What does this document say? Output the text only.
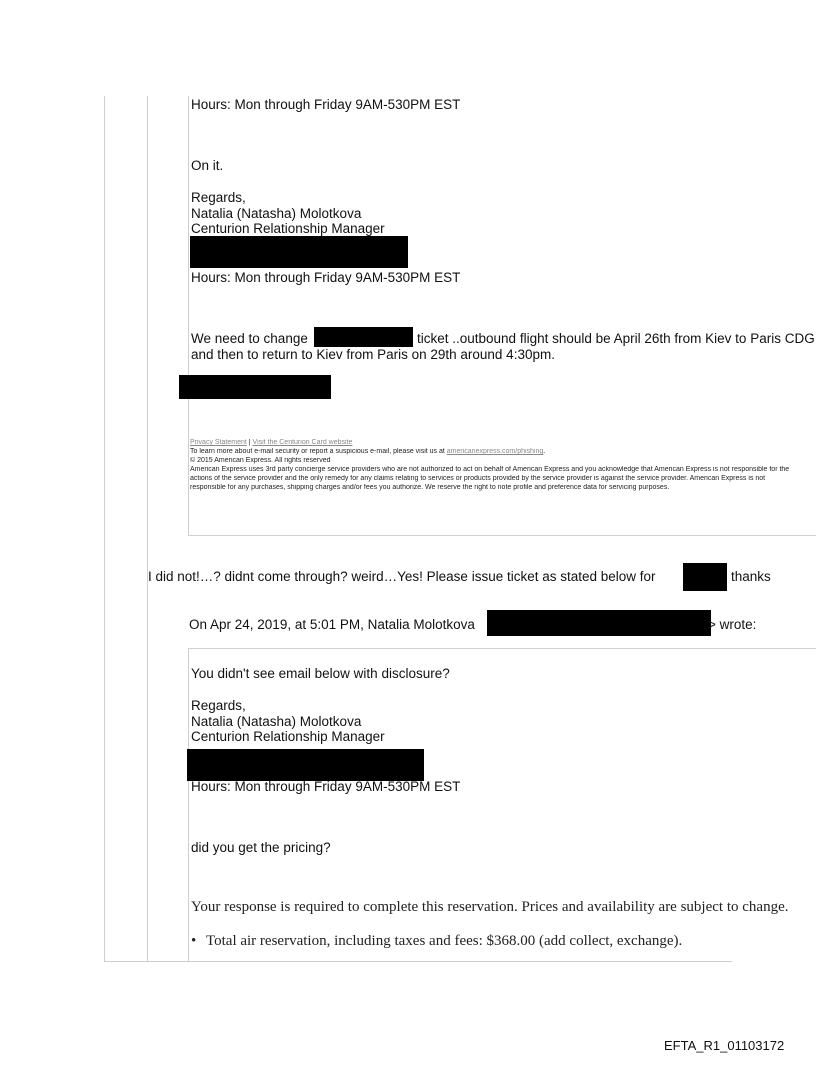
Hours: Mon through Friday 9AM-530PM EST
On it.
Regards,
Natalia (Natasha) Molotkova
Centurion Relationship Manager
Hours: Mon through Friday 9AM-530PM EST
We need to change	ticket ..outbound flight should be April 26th from Kiev to Paris CDG
and then to return to Kiev from Paris on 29th around 4:30pm.
Privacy Statement | Visit the Centurion Card website
To learn more about e-mail security or report a suspicious e-mail, please visit us at americanexpress.com/phishing.
© 2015 American Express. All rights reserved
American Express uses 3rd party concierge service providers who are not authorized to act on behalf of American Express and you acknowledge that American Express is not responsible for the
actions of the service provider and the only remedy for any claims relating to services or products provided by the service provider is against the service provider. American Express is not
responsible for any purchases, shipping charges and/or fees you authorize. We reserve the right to note profile and preference data for servicing purposes.
I did not!…? didnt come through? weird…Yes! Please issue ticket as stated below for	thanks
On Apr 24, 2019, at 5:01 PM, Natalia Molotkova	> wrote:
You didn't see email below with disclosure?
Regards,
Natalia (Natasha) Molotkova
Centurion Relationship Manager
Hours: Mon through Friday 9AM-530PM EST
did you get the pricing?
Your response is required to complete this reservation. Prices and availability are subject to change.
• Total air reservation, including taxes and fees: $368.00 (add collect, exchange).
EFTA_R1_01103172
